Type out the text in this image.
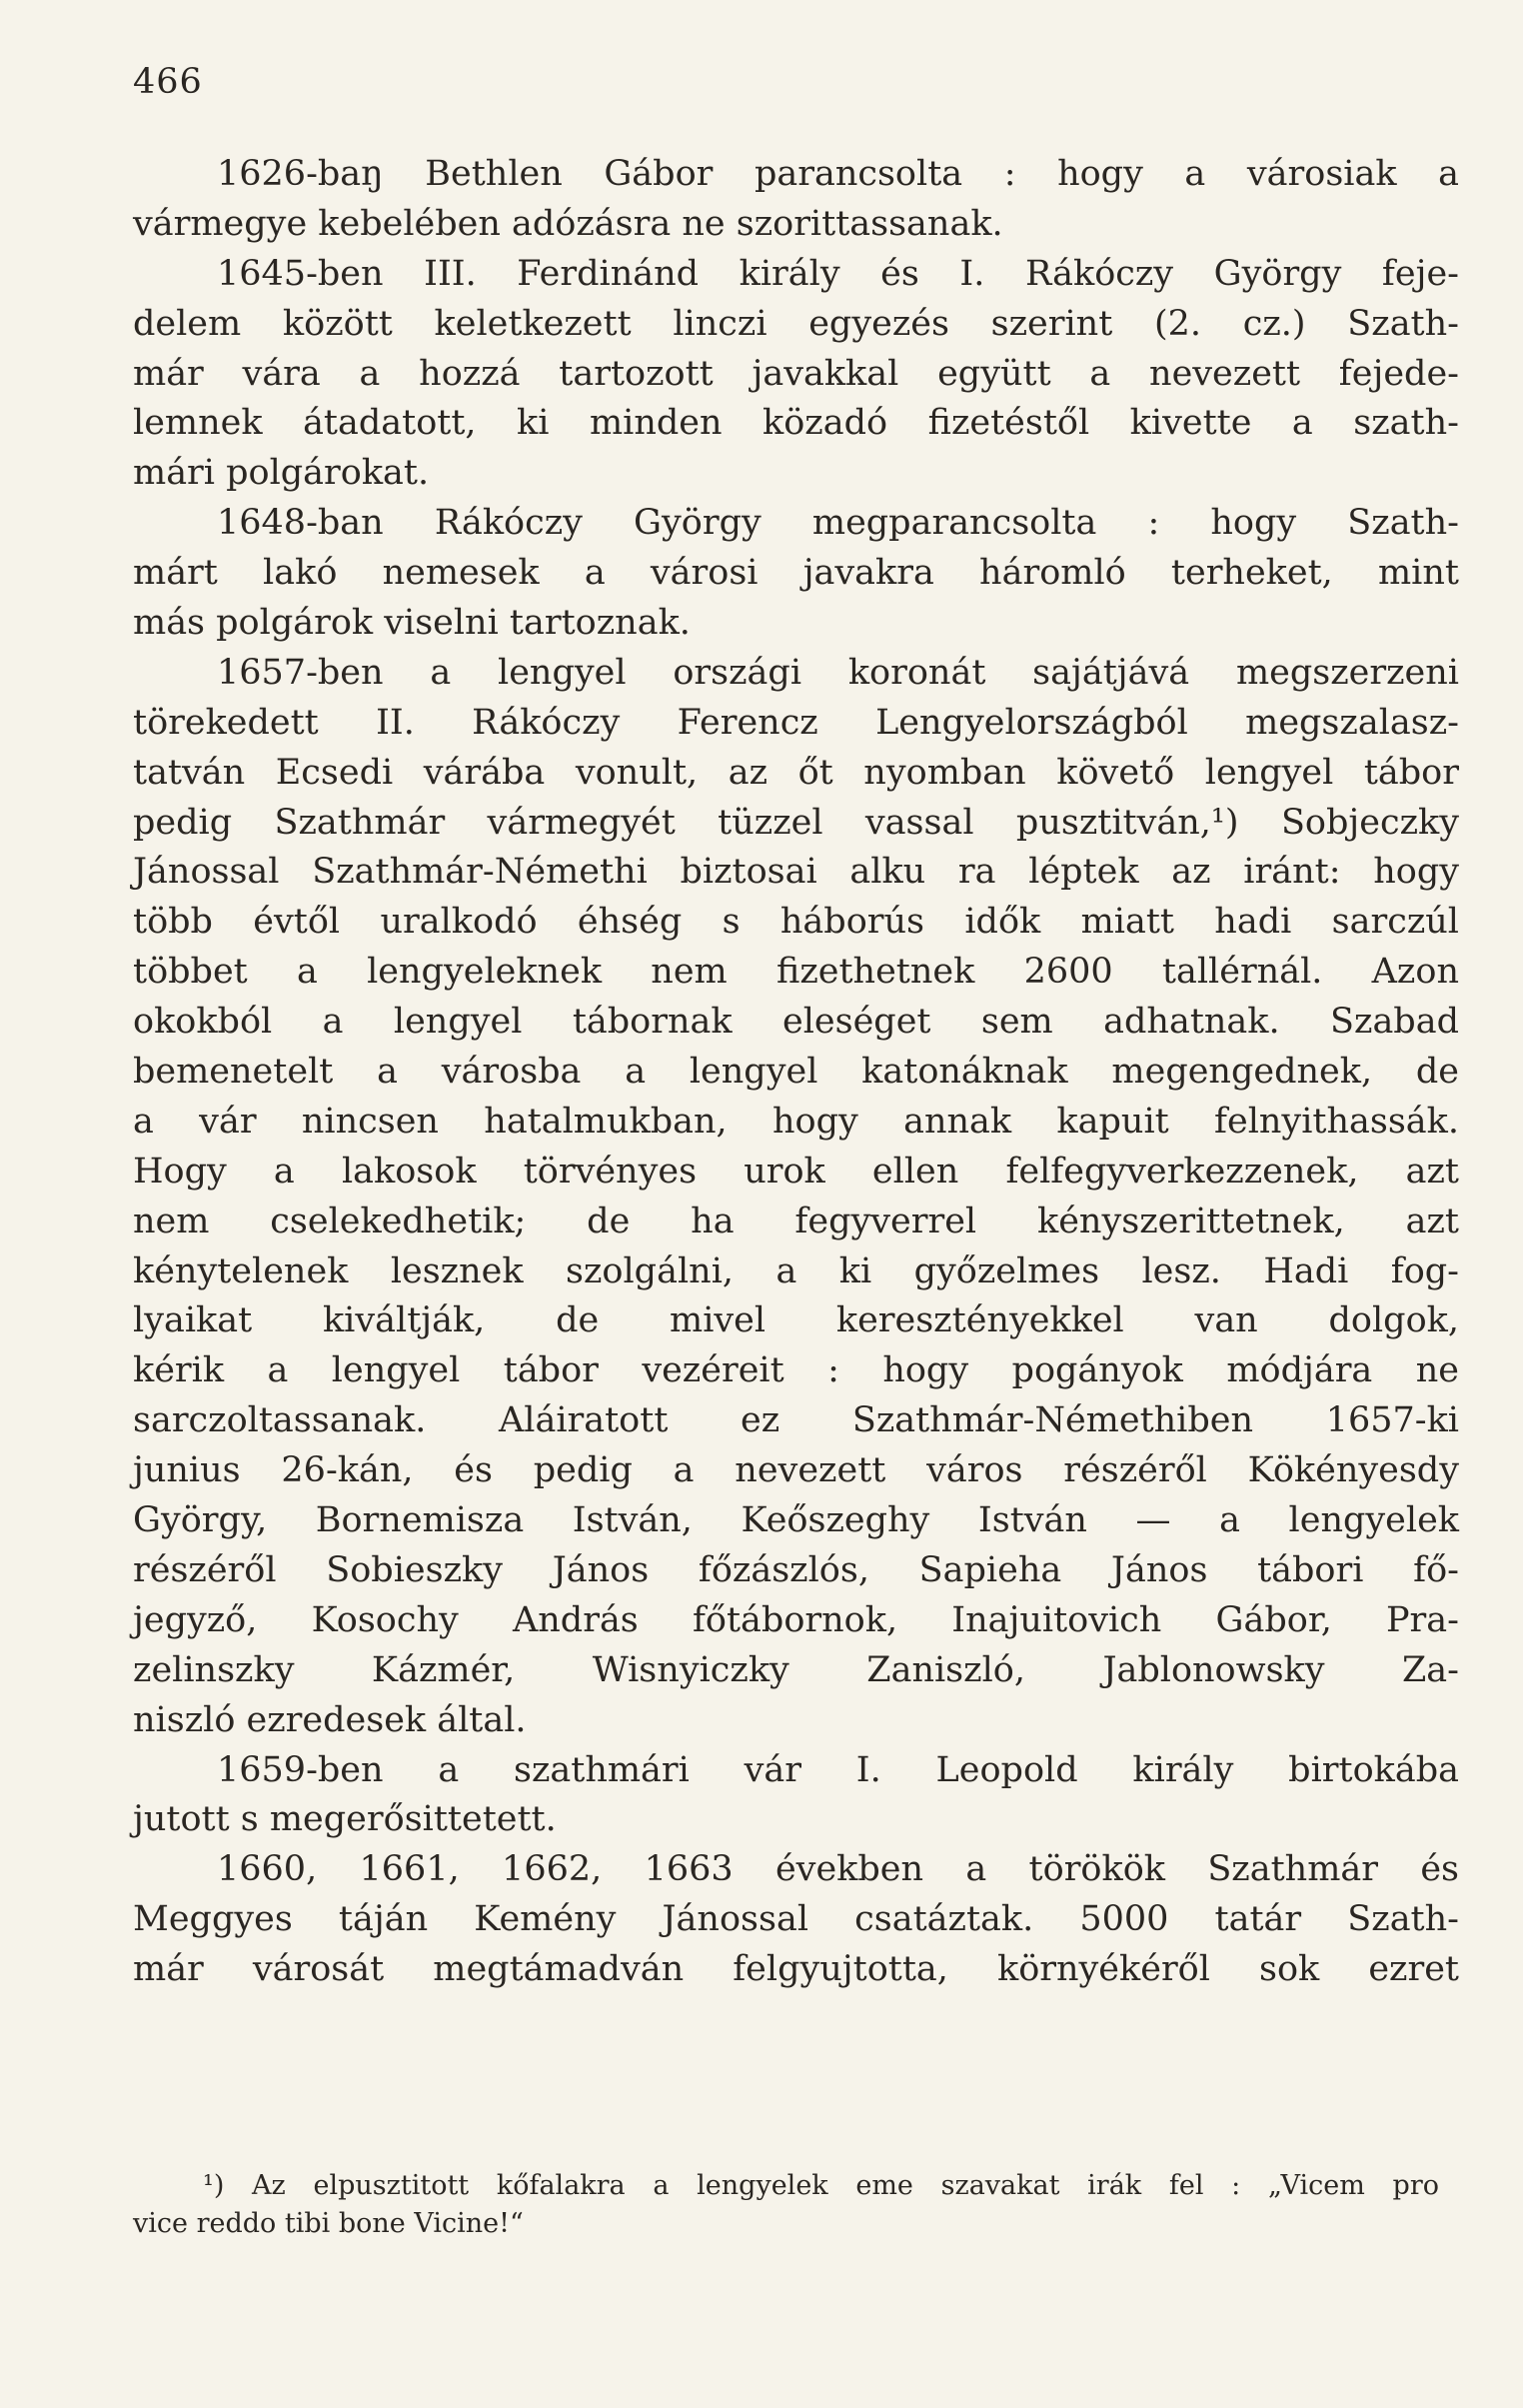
466
1626-baŋ Bethlen Gábor parancsolta : hogy a városiak a
vármegye kebelében adózásra ne szorittassanak.
1645-ben III. Ferdinánd király és I. Rákóczy György feje-
delem között keletkezett linczi egyezés szerint (2. cz.) Szath-
már vára a hozzá tartozott javakkal együtt a nevezett fejede-
lemnek átadatott, ki minden közadó fizetéstől kivette a szath-
mári polgárokat.
1648-ban Rákóczy György megparancsolta : hogy Szath-
márt lakó nemesek a városi javakra háromló terheket, mint
más polgárok viselni tartoznak.
1657-ben a lengyel országi koronát sajátjává megszerzeni
törekedett II. Rákóczy Ferencz Lengyelországból megszalasz-
tatván Ecsedi várába vonult, az őt nyomban követő lengyel tábor
pedig Szathmár vármegyét tüzzel vassal pusztitván,¹) Sobjeczky
Jánossal Szathmár-Némethi biztosai alku ra léptek az iránt: hogy
több évtől uralkodó éhség s háborús idők miatt hadi sarczúl
többet a lengyeleknek nem fizethetnek 2600 tallérnál. Azon
okokból a lengyel tábornak eleséget sem adhatnak. Szabad
bemenetelt a városba a lengyel katonáknak megengednek, de
a vár nincsen hatalmukban, hogy annak kapuit felnyithassák.
Hogy a lakosok törvényes urok ellen felfegyverkezzenek, azt
nem cselekedhetik; de ha fegyverrel kényszerittetnek, azt
kénytelenek lesznek szolgálni, a ki győzelmes lesz. Hadi fog-
lyaikat kiváltják, de mivel keresztényekkel van dolgok,
kérik a lengyel tábor vezéreit : hogy pogányok módjára ne
sarczoltassanak. Aláiratott ez Szathmár-Némethiben 1657-ki
junius 26-kán, és pedig a nevezett város részéről Kökényesdy
György, Bornemisza István, Keőszeghy István — a lengyelek
részéről Sobieszky János főzászlós, Sapieha János tábori fő-
jegyző, Kosochy András főtábornok, Inajuitovich Gábor, Pra-
zelinszky Kázmér, Wisnyiczky Zaniszló, Jablonowsky Za-
niszló ezredesek által.
1659-ben a szathmári vár I. Leopold király birtokába
jutott s megerősittetett.
1660, 1661, 1662, 1663 években a törökök Szathmár és
Meggyes táján Kemény Jánossal csatáztak. 5000 tatár Szath-
már városát megtámadván felgyujtotta, környékéről sok ezret
¹) Az elpusztitott kőfalakra a lengyelek eme szavakat irák fel : „Vicem pro
vice reddo tibi bone Vicine!“
